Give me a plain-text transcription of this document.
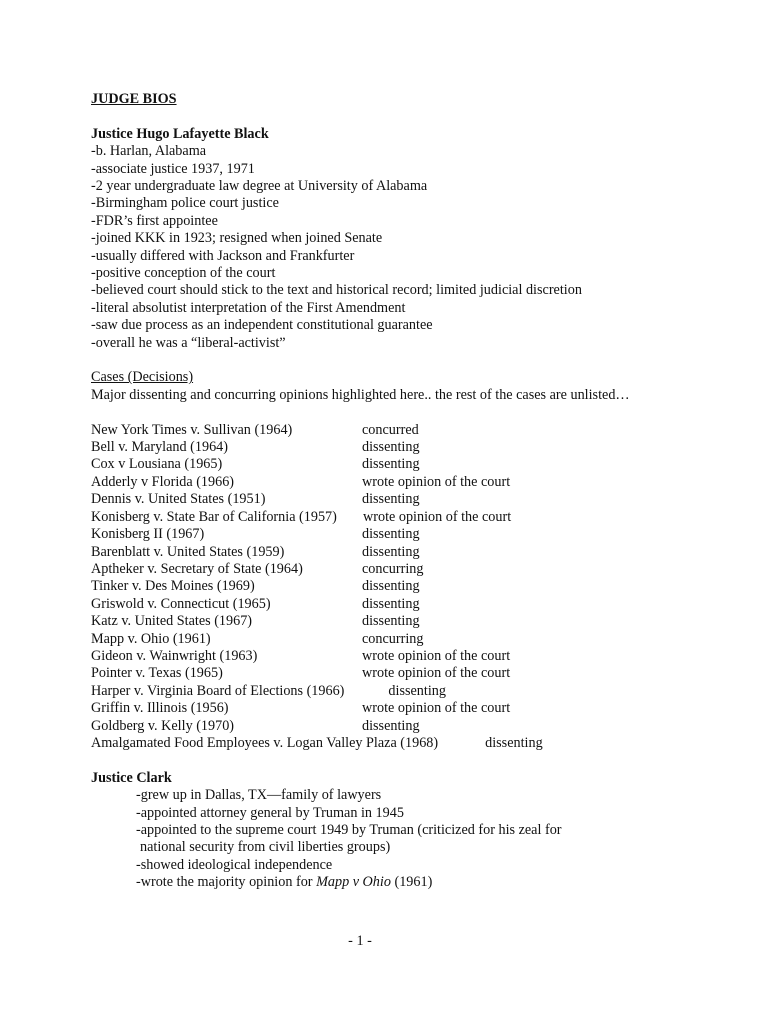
JUDGE BIOS
Justice Hugo Lafayette Black
-b. Harlan, Alabama
-associate justice 1937, 1971
-2 year undergraduate law degree at University of Alabama
-Birmingham police court justice
-FDR’s first appointee
-joined KKK in 1923; resigned when joined Senate
-usually differed with Jackson and Frankfurter
-positive conception of the court
-believed court should stick to the text and historical record; limited judicial discretion
-literal absolutist interpretation of the First Amendment
-saw due process as an independent constitutional guarantee
-overall he was a “liberal-activist”
Cases (Decisions)
Major dissenting and concurring opinions highlighted here.. the rest of the cases are unlisted…
New York Times v. Sullivan (1964)	concurred
Bell v. Maryland (1964)	dissenting
Cox v Lousiana (1965)	dissenting
Adderly v Florida (1966)	wrote opinion of the court
Dennis v. United States (1951)	dissenting
Konisberg v. State Bar of California (1957)	wrote opinion of the court
Konisberg II (1967)	dissenting
Barenblatt v. United States (1959)	dissenting
Aptheker v. Secretary of State (1964)	concurring
Tinker v. Des Moines (1969)	dissenting
Griswold v. Connecticut (1965)	dissenting
Katz v. United States (1967)	dissenting
Mapp v. Ohio (1961)	concurring
Gideon v. Wainwright (1963)	wrote opinion of the court
Pointer v. Texas (1965)	wrote opinion of the court
Harper v. Virginia Board of Elections (1966)	dissenting
Griffin v. Illinois (1956)	wrote opinion of the court
Goldberg v. Kelly (1970)	dissenting
Amalgamated Food Employees v. Logan Valley Plaza (1968)	dissenting
Justice Clark
-grew up in Dallas, TX—family of lawyers
-appointed attorney general by Truman in 1945
-appointed to the supreme court 1949 by Truman (criticized for his zeal for
national security from civil liberties groups)
-showed ideological independence
-wrote the majority opinion for Mapp v Ohio (1961)
- 1 -
